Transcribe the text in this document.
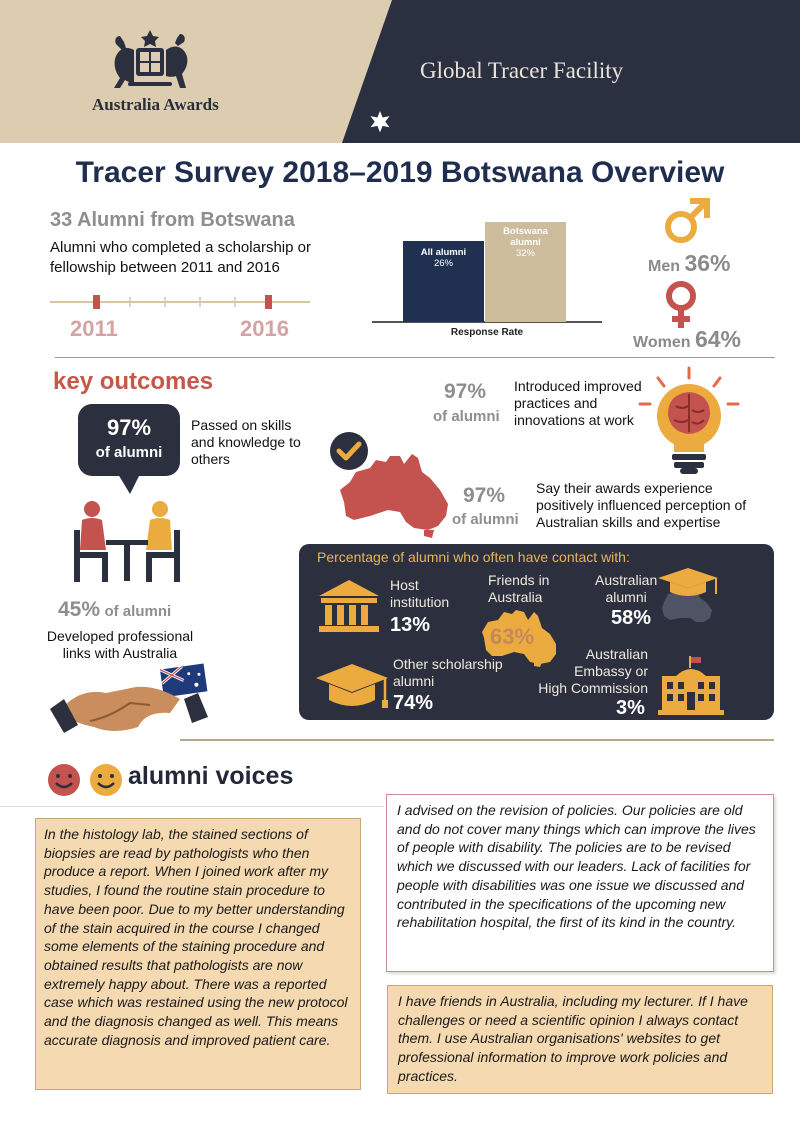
Australia Awards
Global Tracer Facility
Tracer Survey 2018–2019 Botswana Overview
33 Alumni from Botswana
Alumni who completed a scholarship or fellowship between 2011 and 2016
2011	2016
All alumni
26%
Botswana alumni
32%
Response Rate
Men 36%
Women 64%
key outcomes
97%
of alumni
Passed on skills and knowledge to others
45% of alumni
Developed professional links with Australia
97%
of alumni
Introduced improved practices and innovations at work
97%
of alumni
Say their awards experience positively influenced perception of Australian skills and expertise
Percentage of alumni who often have contact with:
Host
institution
13%
Friends in
Australia
63%
Australian
alumni
58%
Other scholarship
alumni
74%
Australian
Embassy or
High Commission
3%
alumni voices
In the histology lab, the stained sections of biopsies are read by pathologists who then produce a report. When I joined work after my studies, I found the routine stain procedure to have been poor. Due to my better understanding of the stain acquired in the course I changed some elements of the staining procedure and obtained results that pathologists are now extremely happy about. There was a reported case which was restained using the new protocol and the diagnosis changed as well. This means accurate diagnosis and improved patient care.
I advised on the revision of policies. Our policies are old and do not cover many things which can improve the lives of people with disability. The policies are to be revised which we discussed with our leaders. Lack of facilities for people with disabilities was one issue we discussed and contributed in the specifications of the upcoming new rehabilitation hospital, the first of its kind in the country.
I have friends in Australia, including my lecturer. If I have challenges or need a scientific opinion I always contact them. I use Australian organisations' websites to get professional information to improve work policies and practices.
